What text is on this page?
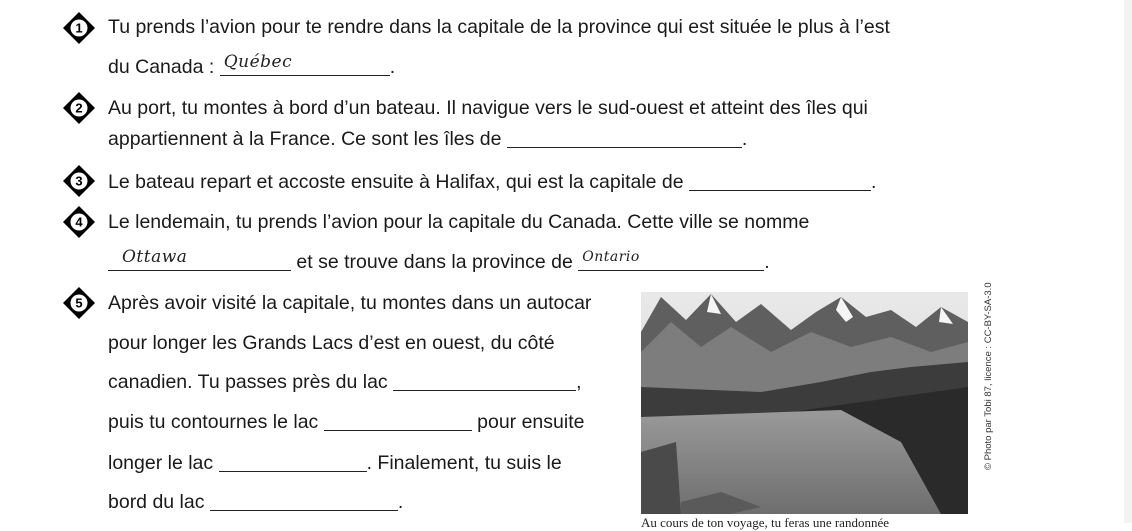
1 Tu prends l’avion pour te rendre dans la capitale de la province qui est située le plus à l’est
du Canada : Québec	.
2 Au port, tu montes à bord d’un bateau. Il navigue vers le sud-ouest et atteint des îles qui
appartiennent à la France. Ce sont les îles de	.
3 Le bateau repart et accoste ensuite à Halifax, qui est la capitale de	.
4 Le lendemain, tu prends l’avion pour la capitale du Canada. Cette ville se nomme
Ottawa	et se trouve dans la province de Ontario	.
5 Après avoir visité la capitale, tu montes dans un autocar
pour longer les Grands Lacs d’est en ouest, du côté
canadien. Tu passes près du lac	,
puis tu contournes le lac	pour ensuite
longer le lac	. Finalement, tu suis le
bord du lac	.
© Photo par Tobi 87, licence : CC-BY-SA-3.0
Au cours de ton voyage, tu feras une randonnée
